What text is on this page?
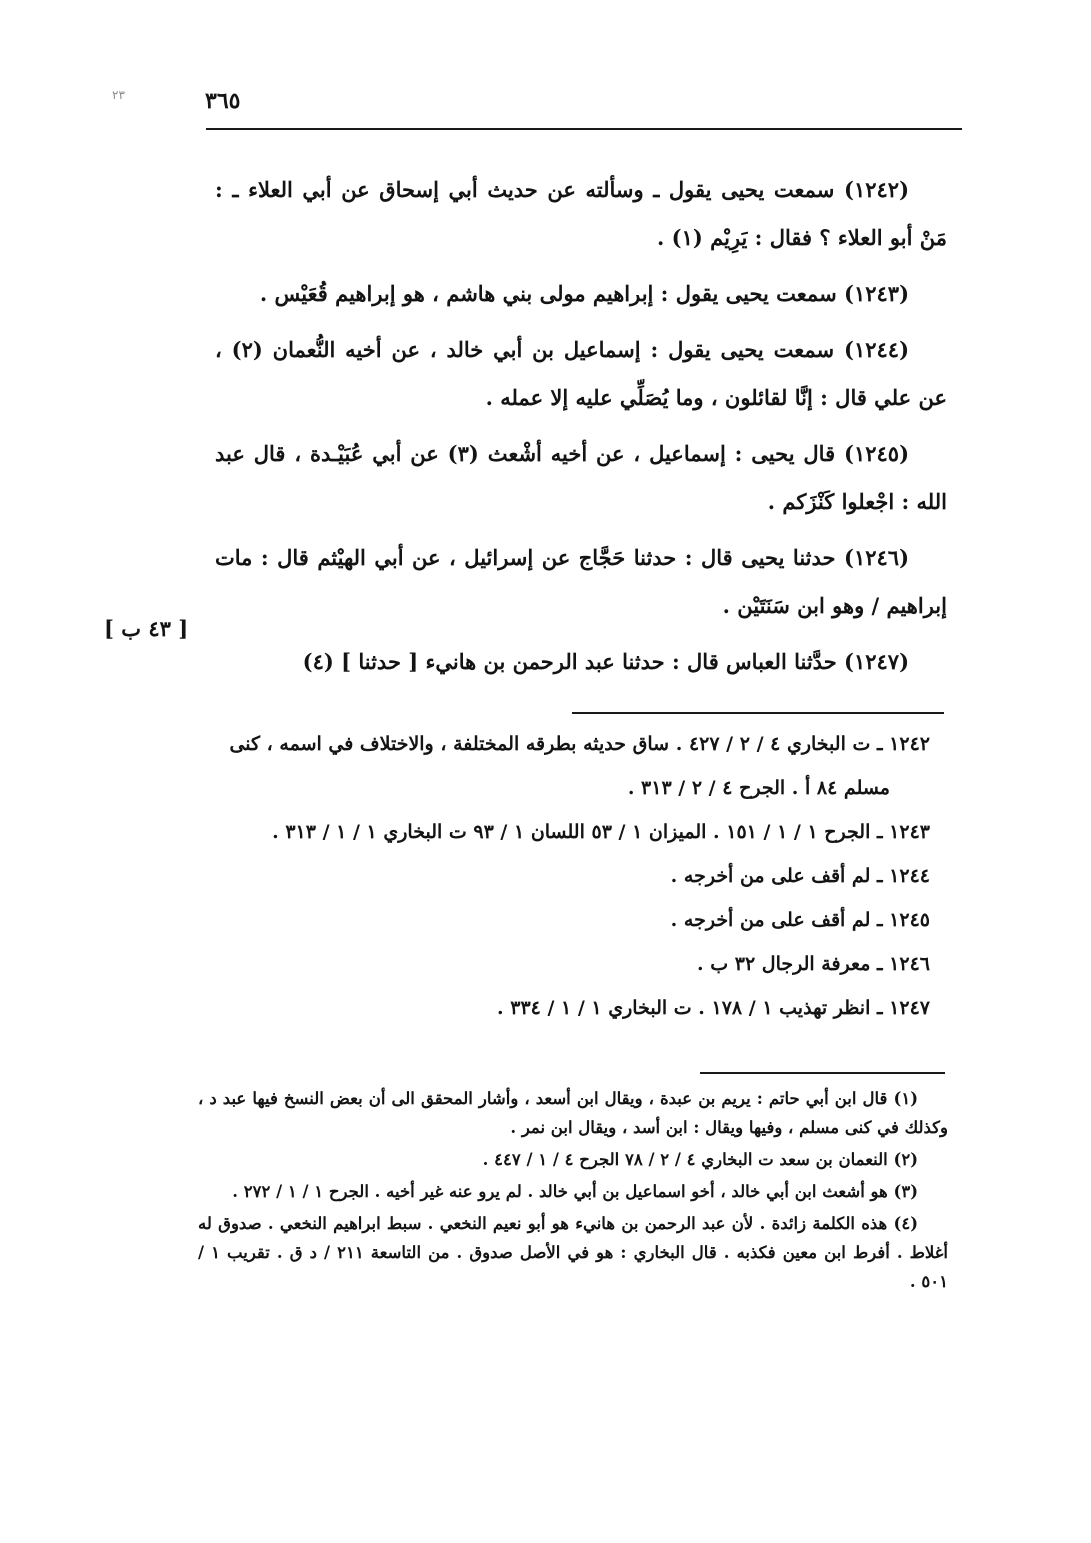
٢٣	٣٦٥

(١٢٤٢) سمعت يحيى يقول ـ وسألته عن حديث أبي إسحاق عن أبي العلاء ـ : مَنْ أبو العلاء ؟ فقال : يَرِيْم (١) .

(١٢٤٣) سمعت يحيى يقول : إبراهيم مولى بني هاشم ، هو إبراهيم قُعَيْس .

(١٢٤٤) سمعت يحيى يقول : إسماعيل بن أبي خالد ، عن أخيه النُّعمان (٢) ، عن علي قال : إنَّا لقائلون ، وما يُصَلِّي عليه إلا عمله .

(١٢٤٥) قال يحيى : إسماعيل ، عن أخيه أشْعث (٣) عن أبي عُبَيْـدة ، قال عبد الله : اجْعلوا كَنْزَكم .

(١٢٤٦) حدثنا يحيى قال : حدثنا حَجَّاج عن إسرائيل ، عن أبي الهيْثم قال : مات إبراهيم / وهو ابن سَنَتَيْن .

(١٢٤٧) حدَّثنا العباس قال : حدثنا عبد الرحمن بن هانيء [ حدثنا ] (٤)

[ ٤٣ ب ]

١٢٤٢ ـ ت البخاري ٤ / ٢ / ٤٢٧ . ساق حديثه بطرقه المختلفة ، والاختلاف في اسمه ، كنى مسلم ٨٤ أ . الجرح ٤ / ٢ / ٣١٣ .

١٢٤٣ ـ الجرح ١ / ١ / ١٥١ . الميزان ١ / ٥٣ اللسان ١ / ٩٣ ت البخاري ١ / ١ / ٣١٣ .

١٢٤٤ ـ لم أقف على من أخرجه .

١٢٤٥ ـ لم أقف على من أخرجه .

١٢٤٦ ـ معرفة الرجال ٣٢ ب .

١٢٤٧ ـ انظر تهذيب ١ / ١٧٨ . ت البخاري ١ / ١ / ٣٣٤ .

(١) قال ابن أبي حاتم : يريم بن عبدة ، ويقال ابن أسعد ، وأشار المحقق الى أن بعض النسخ فيها عبد د ، وكذلك في كنى مسلم ، وفيها ويقال : ابن أسد ، ويقال ابن نمر .

(٢) النعمان بن سعد ت البخاري ٤ / ٢ / ٧٨ الجرح ٤ / ١ / ٤٤٧ .

(٣) هو أشعث ابن أبي خالد ، أخو اسماعيل بن أبي خالد . لم يرو عنه غير أخيه . الجرح ١ / ١ / ٢٧٢ .

(٤) هذه الكلمة زائدة . لأن عبد الرحمن بن هانيء هو أبو نعيم النخعي . سبط ابراهيم النخعي . صدوق له أغلاط . أفرط ابن معين فكذبه . قال البخاري : هو في الأصل صدوق . من التاسعة ٢١١ / د ق . تقريب ١ / ٥٠١ .
